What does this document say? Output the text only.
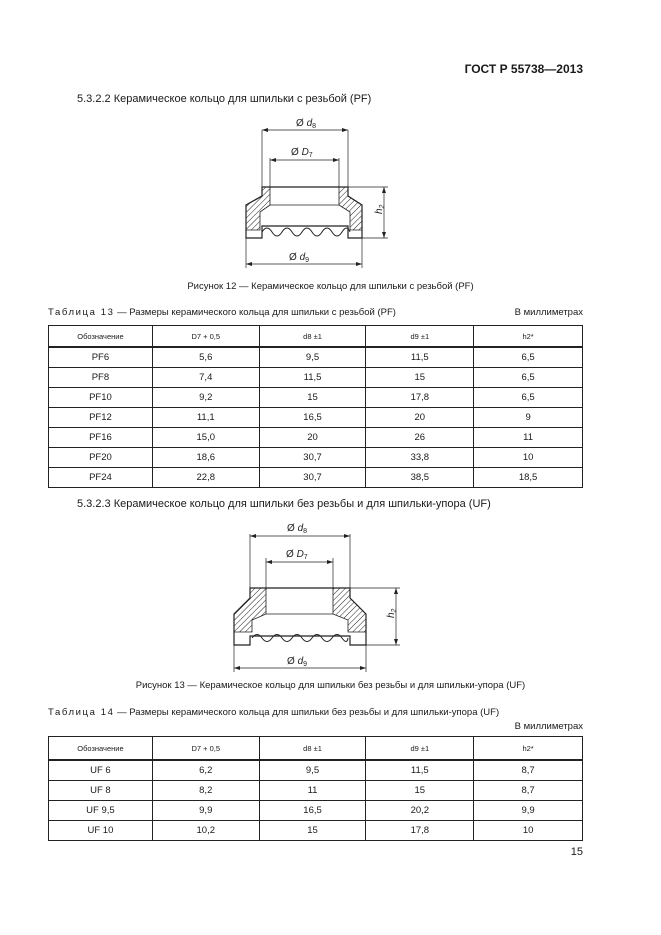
ГОСТ Р 55738—2013
5.3.2.2 Керамическое кольцо для шпильки с резьбой (PF)
Ø $d_8$
Ø $D_7$
$h_2$
Ø $d_9$
Рисунок 12 — Керамическое кольцо для шпильки с резьбой (PF)
Таблица 13 — Размеры керамического кольца для шпильки с резьбой (PF)	В миллиметрах
Обозначение	D7 + 0,5	d8 ±1	d9 ±1	h2*
PF6	5,6	9,5	11,5	6,5
PF8	7,4	11,5	15	6,5
PF10	9,2	15	17,8	6,5
PF12	11,1	16,5	20	9
PF16	15,0	20	26	11
PF20	18,6	30,7	33,8	10
PF24	22,8	30,7	38,5	18,5
5.3.2.3 Керамическое кольцо для шпильки без резьбы и для шпильки-упора (UF)
Ø $d_8$
Ø $D_7$
$h_2$
Ø $d_9$
Рисунок 13 — Керамическое кольцо для шпильки без резьбы и для шпильки-упора (UF)
Таблица 14 — Размеры керамического кольца для шпильки без резьбы и для шпильки-упора (UF)
В миллиметрах
Обозначение	D7 + 0,5	d8 ±1	d9 ±1	h2*
UF 6	6,2	9,5	11,5	8,7
UF 8	8,2	11	15	8,7
UF 9,5	9,9	16,5	20,2	9,9
UF 10	10,2	15	17,8	10
15
